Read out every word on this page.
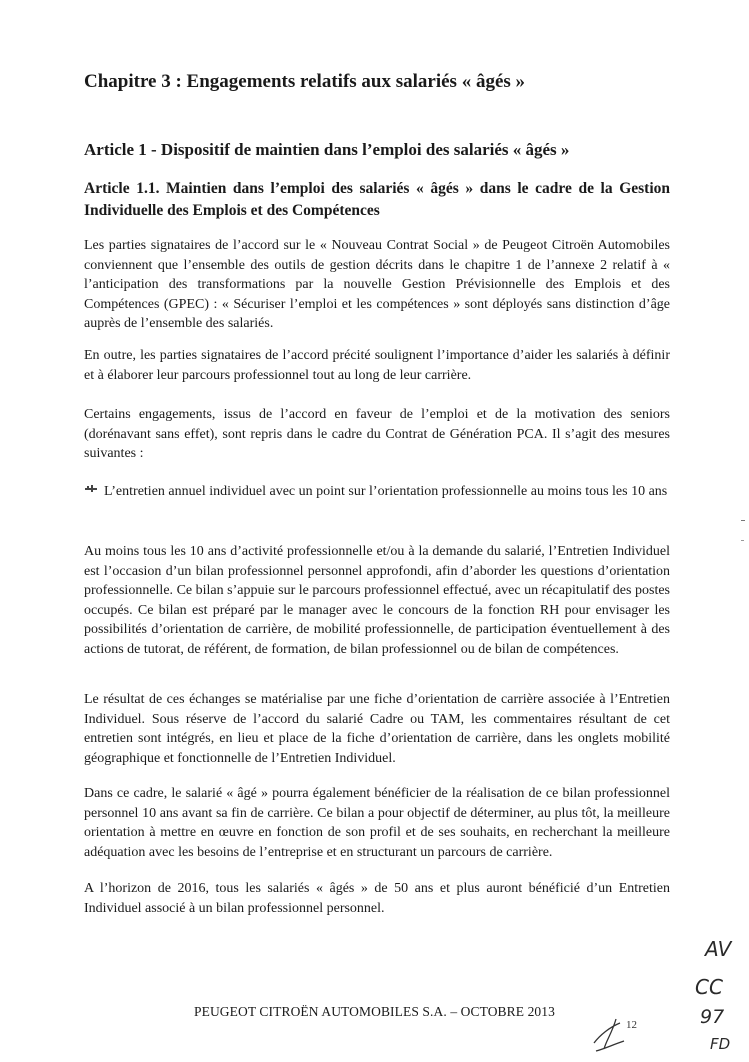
Chapitre 3 : Engagements relatifs aux salariés « âgés »
Article 1 - Dispositif de maintien dans l’emploi des salariés « âgés »
Article 1.1. Maintien dans l’emploi des salariés « âgés » dans le cadre de la Gestion Individuelle des Emplois et des Compétences

Les parties signataires de l’accord sur le « Nouveau Contrat Social » de Peugeot Citroën Automobiles conviennent que l’ensemble des outils de gestion décrits dans le chapitre 1 de l’annexe 2 relatif à « l’anticipation des transformations par la nouvelle Gestion Prévisionnelle des Emplois et des Compétences (GPEC) : « Sécuriser l’emploi et les compétences » sont déployés sans distinction d’âge auprès de l’ensemble des salariés.

En outre, les parties signataires de l’accord précité soulignent l’importance d’aider les salariés à définir et à élaborer leur parcours professionnel tout au long de leur carrière.

Certains engagements, issus de l’accord en faveur de l’emploi et de la motivation des seniors (dorénavant sans effet), sont repris dans le cadre du Contrat de Génération PCA. Il s’agit des mesures suivantes :

L’entretien annuel individuel avec un point sur l’orientation professionnelle au moins tous les 10 ans

Au moins tous les 10 ans d’activité professionnelle et/ou à la demande du salarié, l’Entretien Individuel est l’occasion d’un bilan professionnel personnel approfondi, afin d’aborder les questions d’orientation professionnelle. Ce bilan s’appuie sur le parcours professionnel effectué, avec un récapitulatif des postes occupés. Ce bilan est préparé par le manager avec le concours de la fonction RH pour envisager les possibilités d’orientation de carrière, de mobilité professionnelle, de participation éventuellement à des actions de tutorat, de référent, de formation, de bilan professionnel ou de bilan de compétences.

Le résultat de ces échanges se matérialise par une fiche d’orientation de carrière associée à l’Entretien Individuel. Sous réserve de l’accord du salarié Cadre ou TAM, les commentaires résultant de cet entretien sont intégrés, en lieu et place de la fiche d’orientation de carrière, dans les onglets mobilité géographique et fonctionnelle de l’Entretien Individuel.

Dans ce cadre, le salarié « âgé » pourra également bénéficier de la réalisation de ce bilan professionnel personnel 10 ans avant sa fin de carrière. Ce bilan a pour objectif de déterminer, au plus tôt, la meilleure orientation à mettre en œuvre en fonction de son profil et de ses souhaits, en recherchant la meilleure adéquation avec les besoins de l’entreprise et en structurant un parcours de carrière.

A l’horizon de 2016, tous les salariés « âgés » de 50 ans et plus auront bénéficié d’un Entretien Individuel associé à un bilan professionnel personnel.

PEUGEOT CITROËN AUTOMOBILES S.A. – OCTOBRE 2013
12
AV
CC
97
FD
